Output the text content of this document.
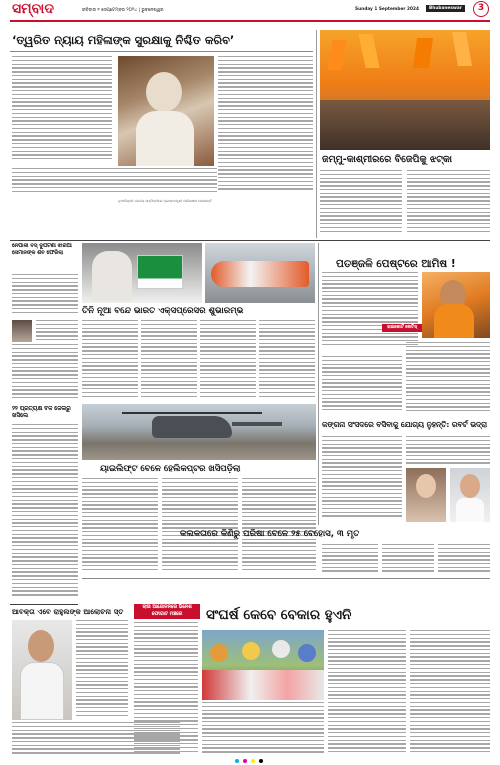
ସମ୍ବାଦ	ରବିବାର ୧ ସେପ୍ଟେମ୍ବର ୨୦୨୪ | ଭୁବନେଶ୍ୱର	Sunday 1 September 2024	Bhubaneswar	3
‘ତ୍ୱରିତ ନ୍ୟାୟ ମହିଳାଙ୍କ ସୁରକ୍ଷାକୁ ନିଶ୍ଚିତ କରିବ’
ନୂଆଦିଲ୍ଲୀ: ଜାତୀୟ ସମ୍ମିଳନୀରେ ପ୍ରଧାନମନ୍ତ୍ରୀ ଅଭିଭାଷଣ ଦେଉଛନ୍ତି
ଜମ୍ମୁ-କାଶ୍ମୀରରେ ବିଜେପିକୁ ଝଟ୍‌କା
ନେପାଳୀ ବସ୍ ଦୁର୍ଘଟଣା ଝାରିଆ ସେମାନଙ୍କ ଶବ ଫେରିଲା
ତିନି ନୂଆ ବନ୍ଦେ ଭାରତ ଏକ୍ସପ୍ରେସର ଶୁଭାରମ୍ଭ
ପତଞ୍ଜଳି ପେଷ୍ଟରେ ଆମିଷ !
ହାଇକୋର୍ଟ ନୋଟିସ୍
୨୨ ପ୍ରତ୍ୟକ୍ଷ ବଳ ଜେଲରୁ ଖସିଲେ
ୟାଇଲିଫ୍ଟ ବେଳେ ହେଲିକପ୍ଟର ଖସିପଡ଼ିଲା
କଙ୍ଗନା ସଂସଦରେ ବସିବାକୁ ଯୋଗ୍ୟ ନୁହନ୍ତି: ରବର୍ଟ ଭଦ୍ରା
କଲକତାରେ କିଣିରୁ ପରିଷା ବେଳେ ୨୫ ବେହୋସ, ୩ ମୃତ
ଆବକ୍ତା ଏବେ ରାହୁଲଙ୍କ ଆଲୋଚନା ସ୍ତ	ଚାଷୀ ଆନ୍ଦୋଳନରେ ଭିନେଶ ଫୋଗାଟ ମଞ୍ଚରେ	ସଂଘର୍ଷ କେବେ ବେକାର ହୁଏନି
